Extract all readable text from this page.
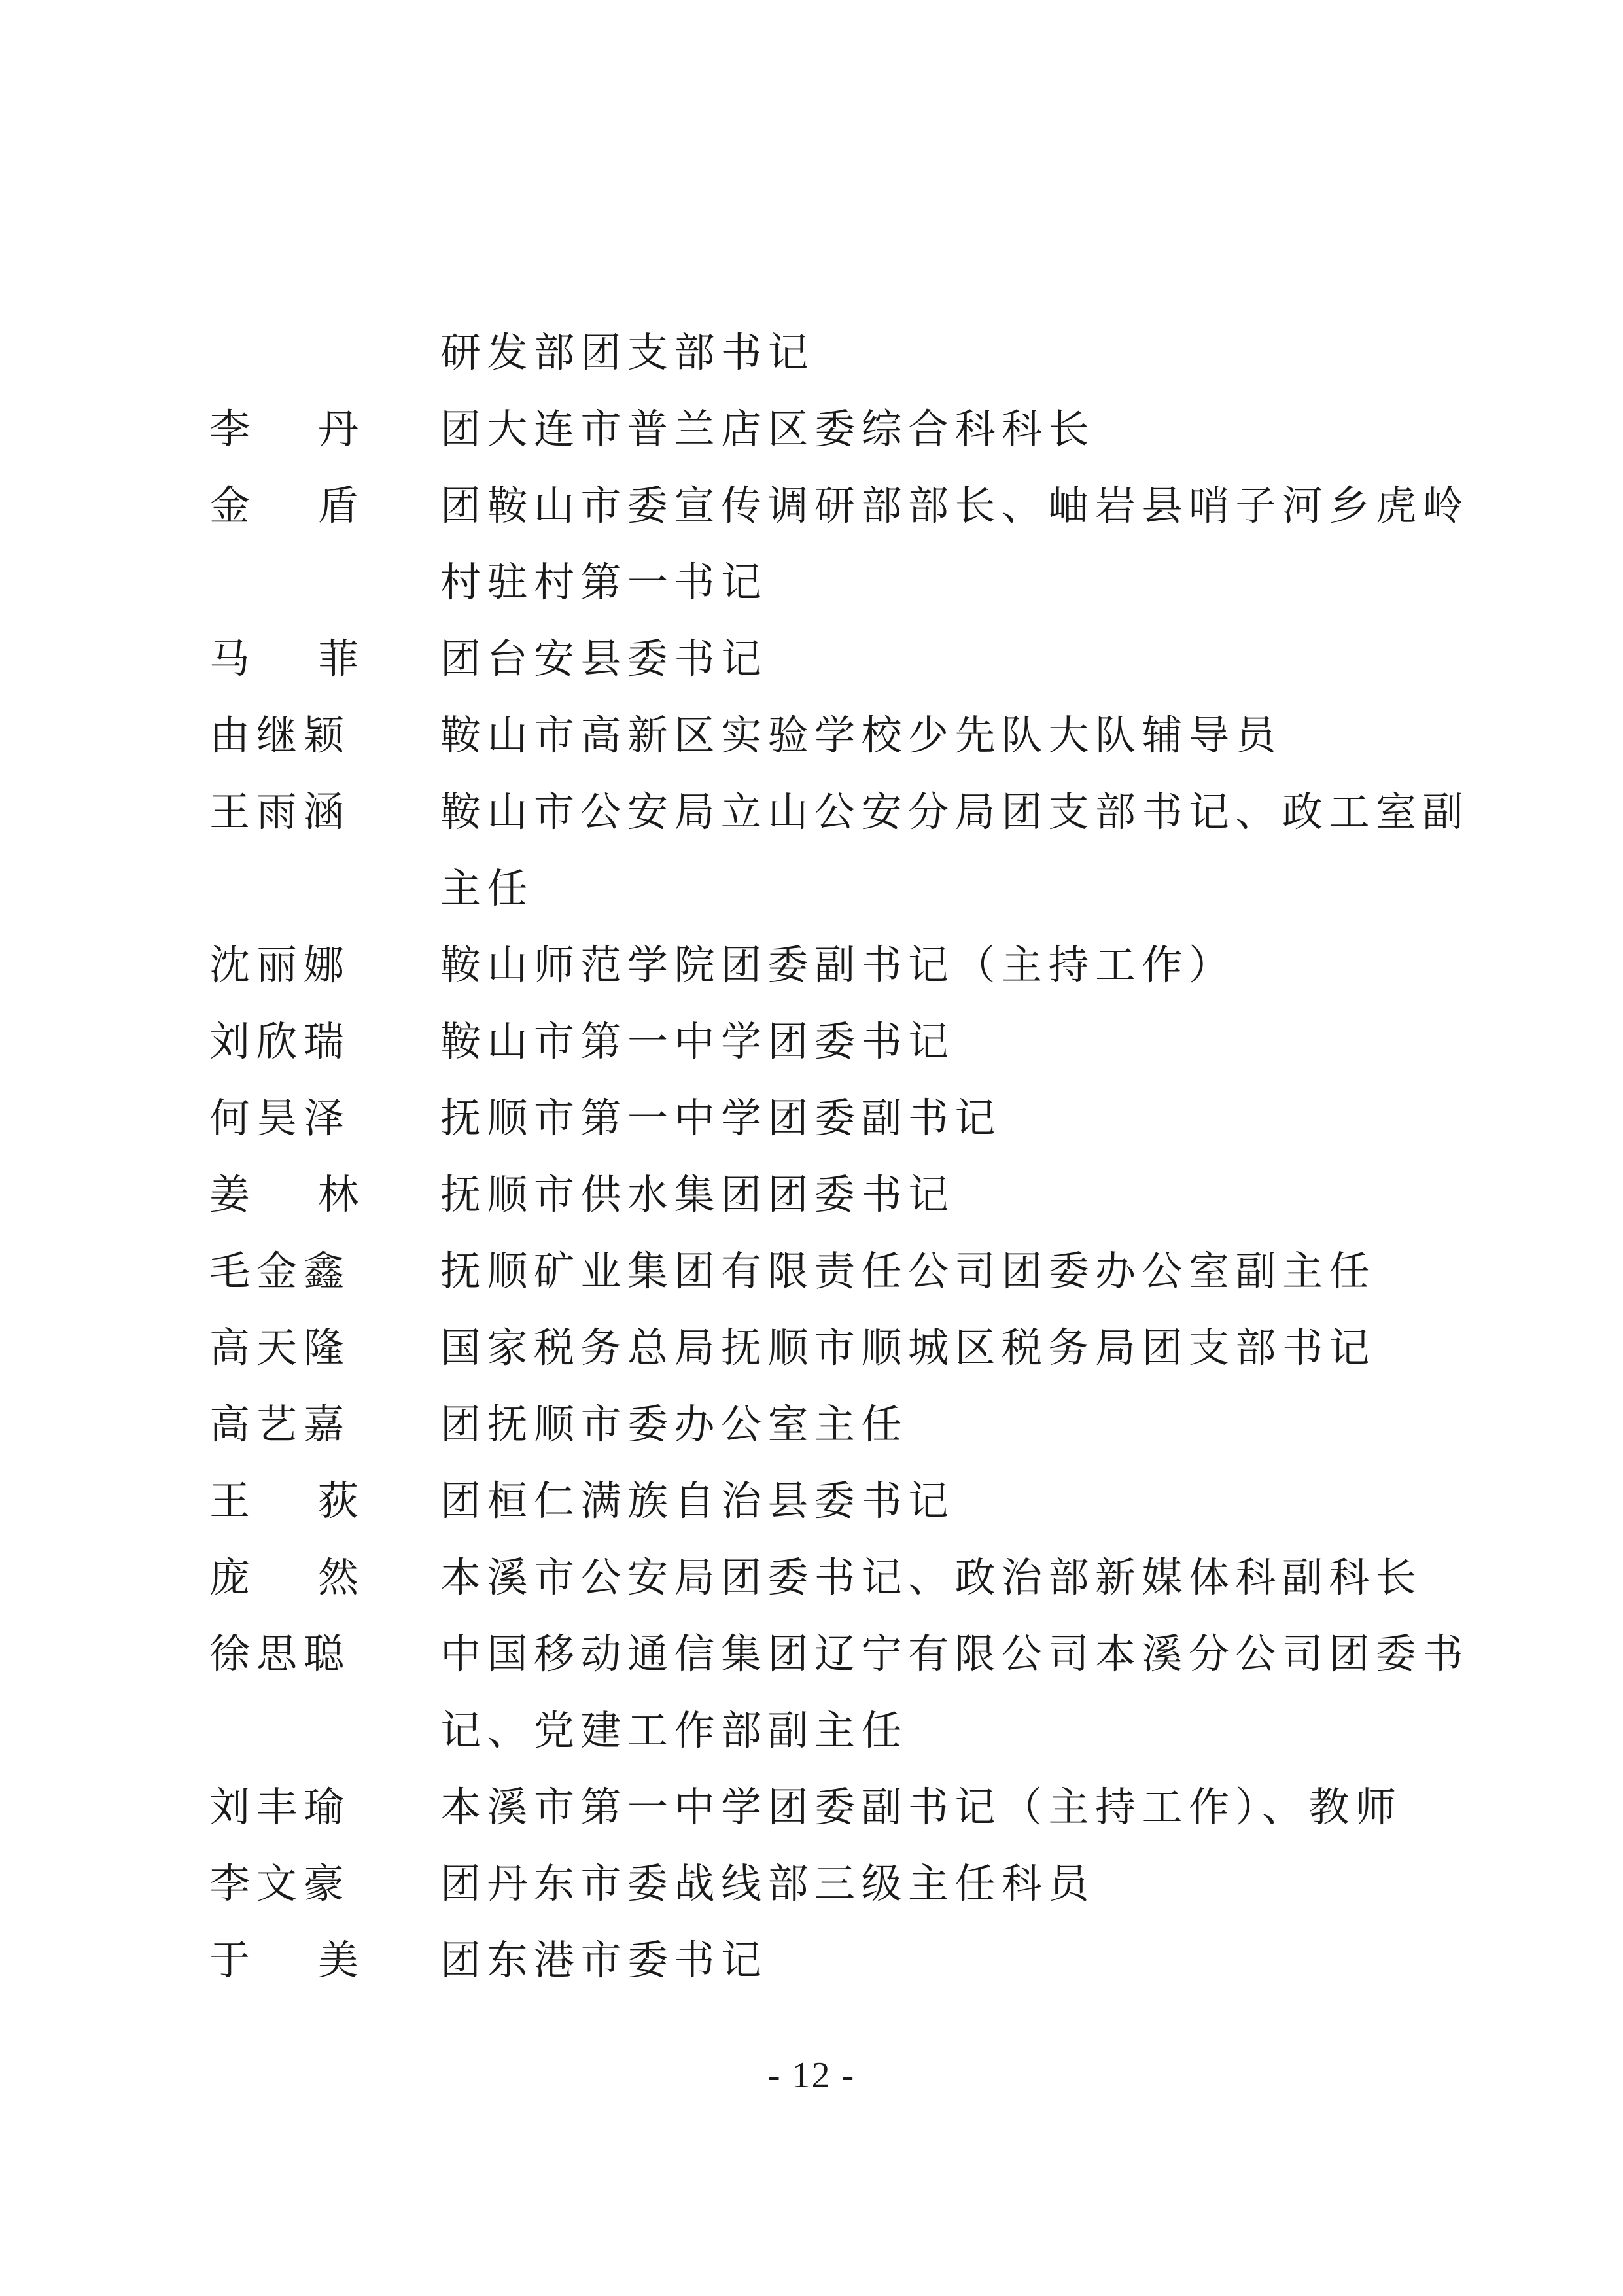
研发部团支部书记
李 丹 团大连市普兰店区委综合科科长
金 盾 团鞍山市委宣传调研部部长、岫岩县哨子河乡虎岭
村驻村第一书记
马 菲 团台安县委书记
由继颖 鞍山市高新区实验学校少先队大队辅导员
王雨涵 鞍山市公安局立山公安分局团支部书记、政工室副
主任
沈丽娜 鞍山师范学院团委副书记（主持工作）
刘欣瑞 鞍山市第一中学团委书记
何昊泽 抚顺市第一中学团委副书记
姜 林 抚顺市供水集团团委书记
毛金鑫 抚顺矿业集团有限责任公司团委办公室副主任
高天隆 国家税务总局抚顺市顺城区税务局团支部书记
高艺嘉 团抚顺市委办公室主任
王 荻 团桓仁满族自治县委书记
庞 然 本溪市公安局团委书记、政治部新媒体科副科长
徐思聪 中国移动通信集团辽宁有限公司本溪分公司团委书
记、党建工作部副主任
刘丰瑜 本溪市第一中学团委副书记（主持工作）、教师
李文豪 团丹东市委战线部三级主任科员
于 美 团东港市委书记
- 12 -
